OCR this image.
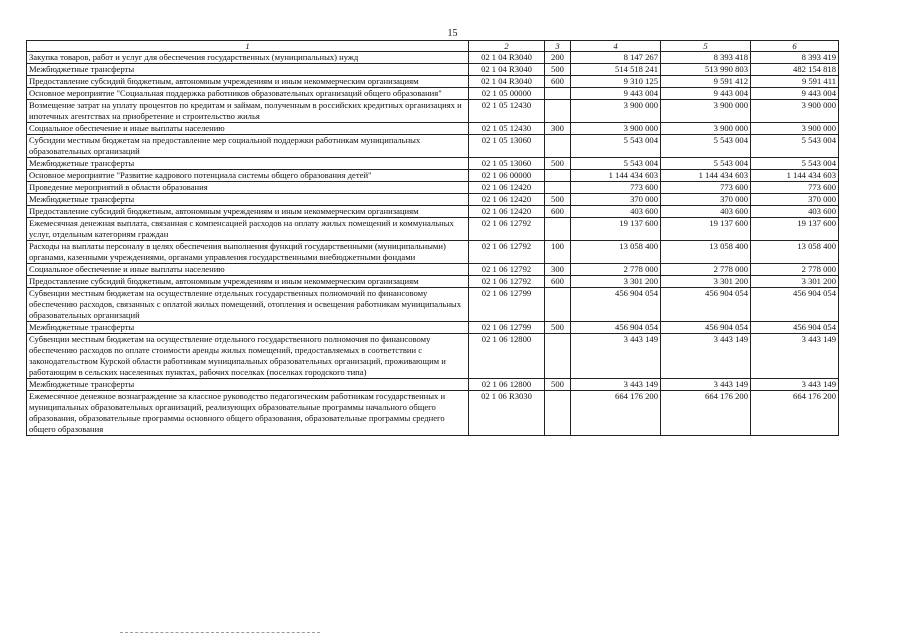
15
1	2	3	4	5	6
Закупка товаров, работ и услуг для обеспечения государственных (муниципальных) нужд	02 1 04 R3040	200	8 147 267	8 393 418	8 393 419
Межбюджетные трансферты	02 1 04 R3040	500	514 518 241	513 990 803	482 154 818
Предоставление субсидий бюджетным, автономным учреждениям и иным некоммерческим организациям	02 1 04 R3040	600	9 310 125	9 591 412	9 591 411
Основное мероприятие "Социальная поддержка работников образовательных организаций общего образования"	02 1 05 00000		9 443 004	9 443 004	9 443 004
Возмещение затрат на уплату процентов по кредитам и займам, полученным в российских кредитных организациях и ипотечных агентствах на приобретение и строительство жилья	02 1 05 12430		3 900 000	3 900 000	3 900 000
Социальное обеспечение и иные выплаты населению	02 1 05 12430	300	3 900 000	3 900 000	3 900 000
Субсидии местным бюджетам на предоставление мер социальной поддержки работникам муниципальных образовательных организаций	02 1 05 13060		5 543 004	5 543 004	5 543 004
Межбюджетные трансферты	02 1 05 13060	500	5 543 004	5 543 004	5 543 004
Основное мероприятие "Развитие кадрового потенциала системы общего образования детей"	02 1 06 00000		1 144 434 603	1 144 434 603	1 144 434 603
Проведение мероприятий в области образования	02 1 06 12420		773 600	773 600	773 600
Межбюджетные трансферты	02 1 06 12420	500	370 000	370 000	370 000
Предоставление субсидий бюджетным, автономным учреждениям и иным некоммерческим организациям	02 1 06 12420	600	403 600	403 600	403 600
Ежемесячная денежная выплата, связанная с компенсацией расходов на оплату жилых помещений и коммунальных услуг, отдельным категориям граждан	02 1 06 12792		19 137 600	19 137 600	19 137 600
Расходы на выплаты персоналу в целях обеспечения выполнения функций государственными (муниципальными) органами, казенными учреждениями, органами управления государственными внебюджетными фондами	02 1 06 12792	100	13 058 400	13 058 400	13 058 400
Социальное обеспечение и иные выплаты населению	02 1 06 12792	300	2 778 000	2 778 000	2 778 000
Предоставление субсидий бюджетным, автономным учреждениям и иным некоммерческим организациям	02 1 06 12792	600	3 301 200	3 301 200	3 301 200
Субвенции местным бюджетам на осуществление отдельных государственных полномочий по финансовому обеспечению расходов, связанных с оплатой жилых помещений, отопления и освещения работникам муниципальных образовательных организаций	02 1 06 12799		456 904 054	456 904 054	456 904 054
Межбюджетные трансферты	02 1 06 12799	500	456 904 054	456 904 054	456 904 054
Субвенции местным бюджетам на осуществление отдельного государственного полномочия по финансовому обеспечению расходов по оплате стоимости аренды жилых помещений, предоставляемых в соответствии с законодательством Курской области работникам муниципальных образовательных организаций, проживающим и работающим в сельских населенных пунктах, рабочих поселках (поселках городского типа)	02 1 06 12800		3 443 149	3 443 149	3 443 149
Межбюджетные трансферты	02 1 06 12800	500	3 443 149	3 443 149	3 443 149
Ежемесячное денежное вознаграждение за классное руководство педагогическим работникам государственных и муниципальных образовательных организаций, реализующих образовательные программы начального общего образования, образовательные программы основного общего образования, образовательные программы среднего общего образования	02 1 06 R3030		664 176 200	664 176 200	664 176 200
